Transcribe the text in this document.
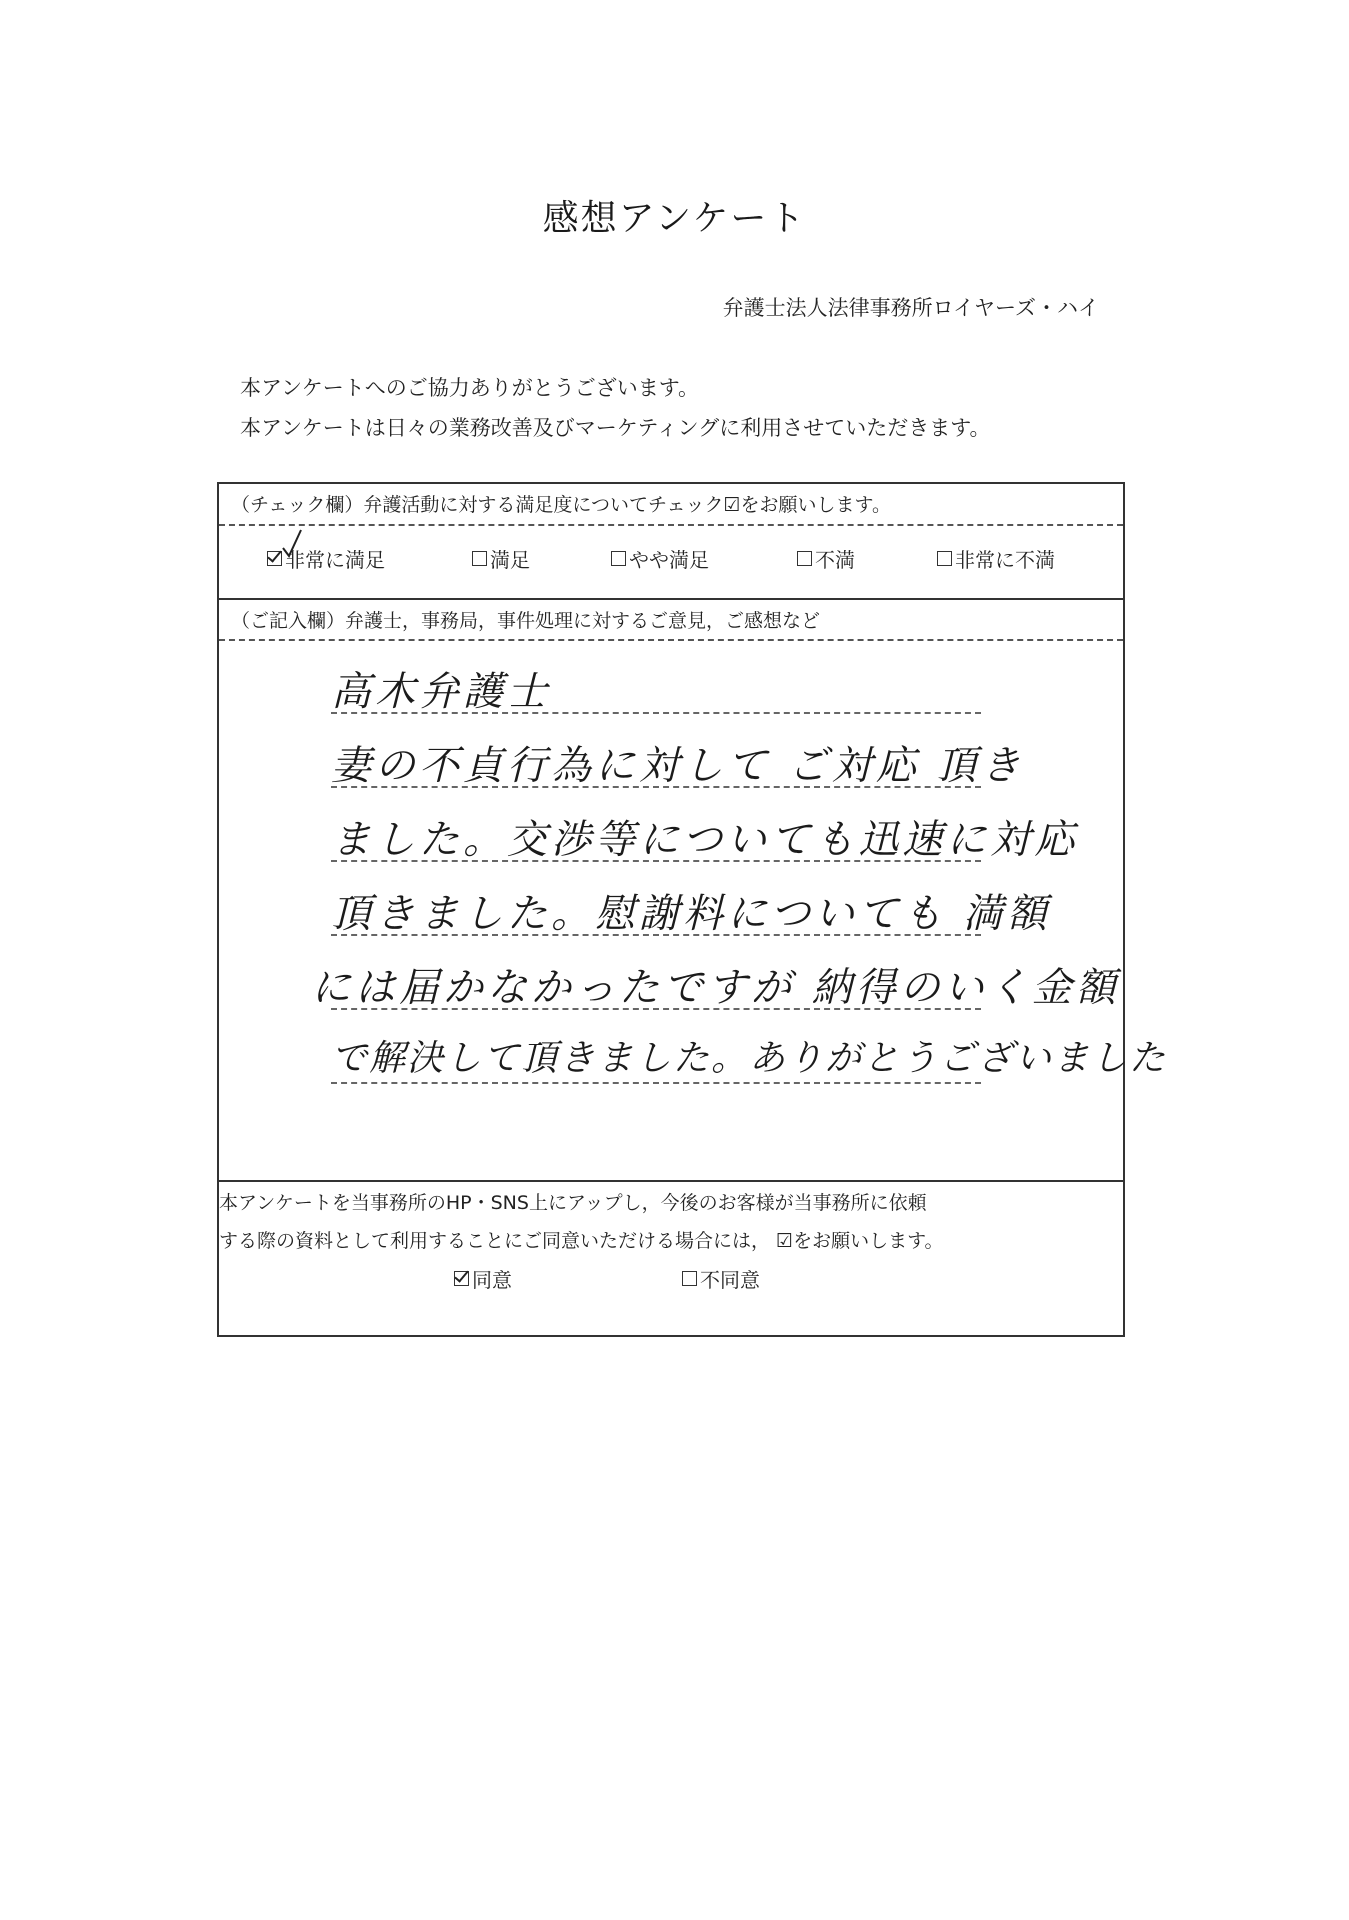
感想アンケート
弁護士法人法律事務所ロイヤーズ・ハイ
本アンケートへのご協力ありがとうございます。
本アンケートは日々の業務改善及びマーケティングに利用させていただきます。
（チェック欄）弁護活動に対する満足度についてチェック☑をお願いします。
非常に満足	満足	やや満足	不満	非常に不満
（ご記入欄）弁護士，事務局，事件処理に対するご意見，ご感想など
高木弁護士
妻の不貞行為に対して ご対応 頂き
ました。交渉等についても迅速に対応
頂きました。慰謝料についても 満額
には届かなかったですが 納得のいく金額
で解決して頂きました。ありがとうございました
本アンケートを当事務所のHP・SNS上にアップし，今後のお客様が当事務所に依頼
する際の資料として利用することにご同意いただける場合には， ☑をお願いします。
同意	不同意
